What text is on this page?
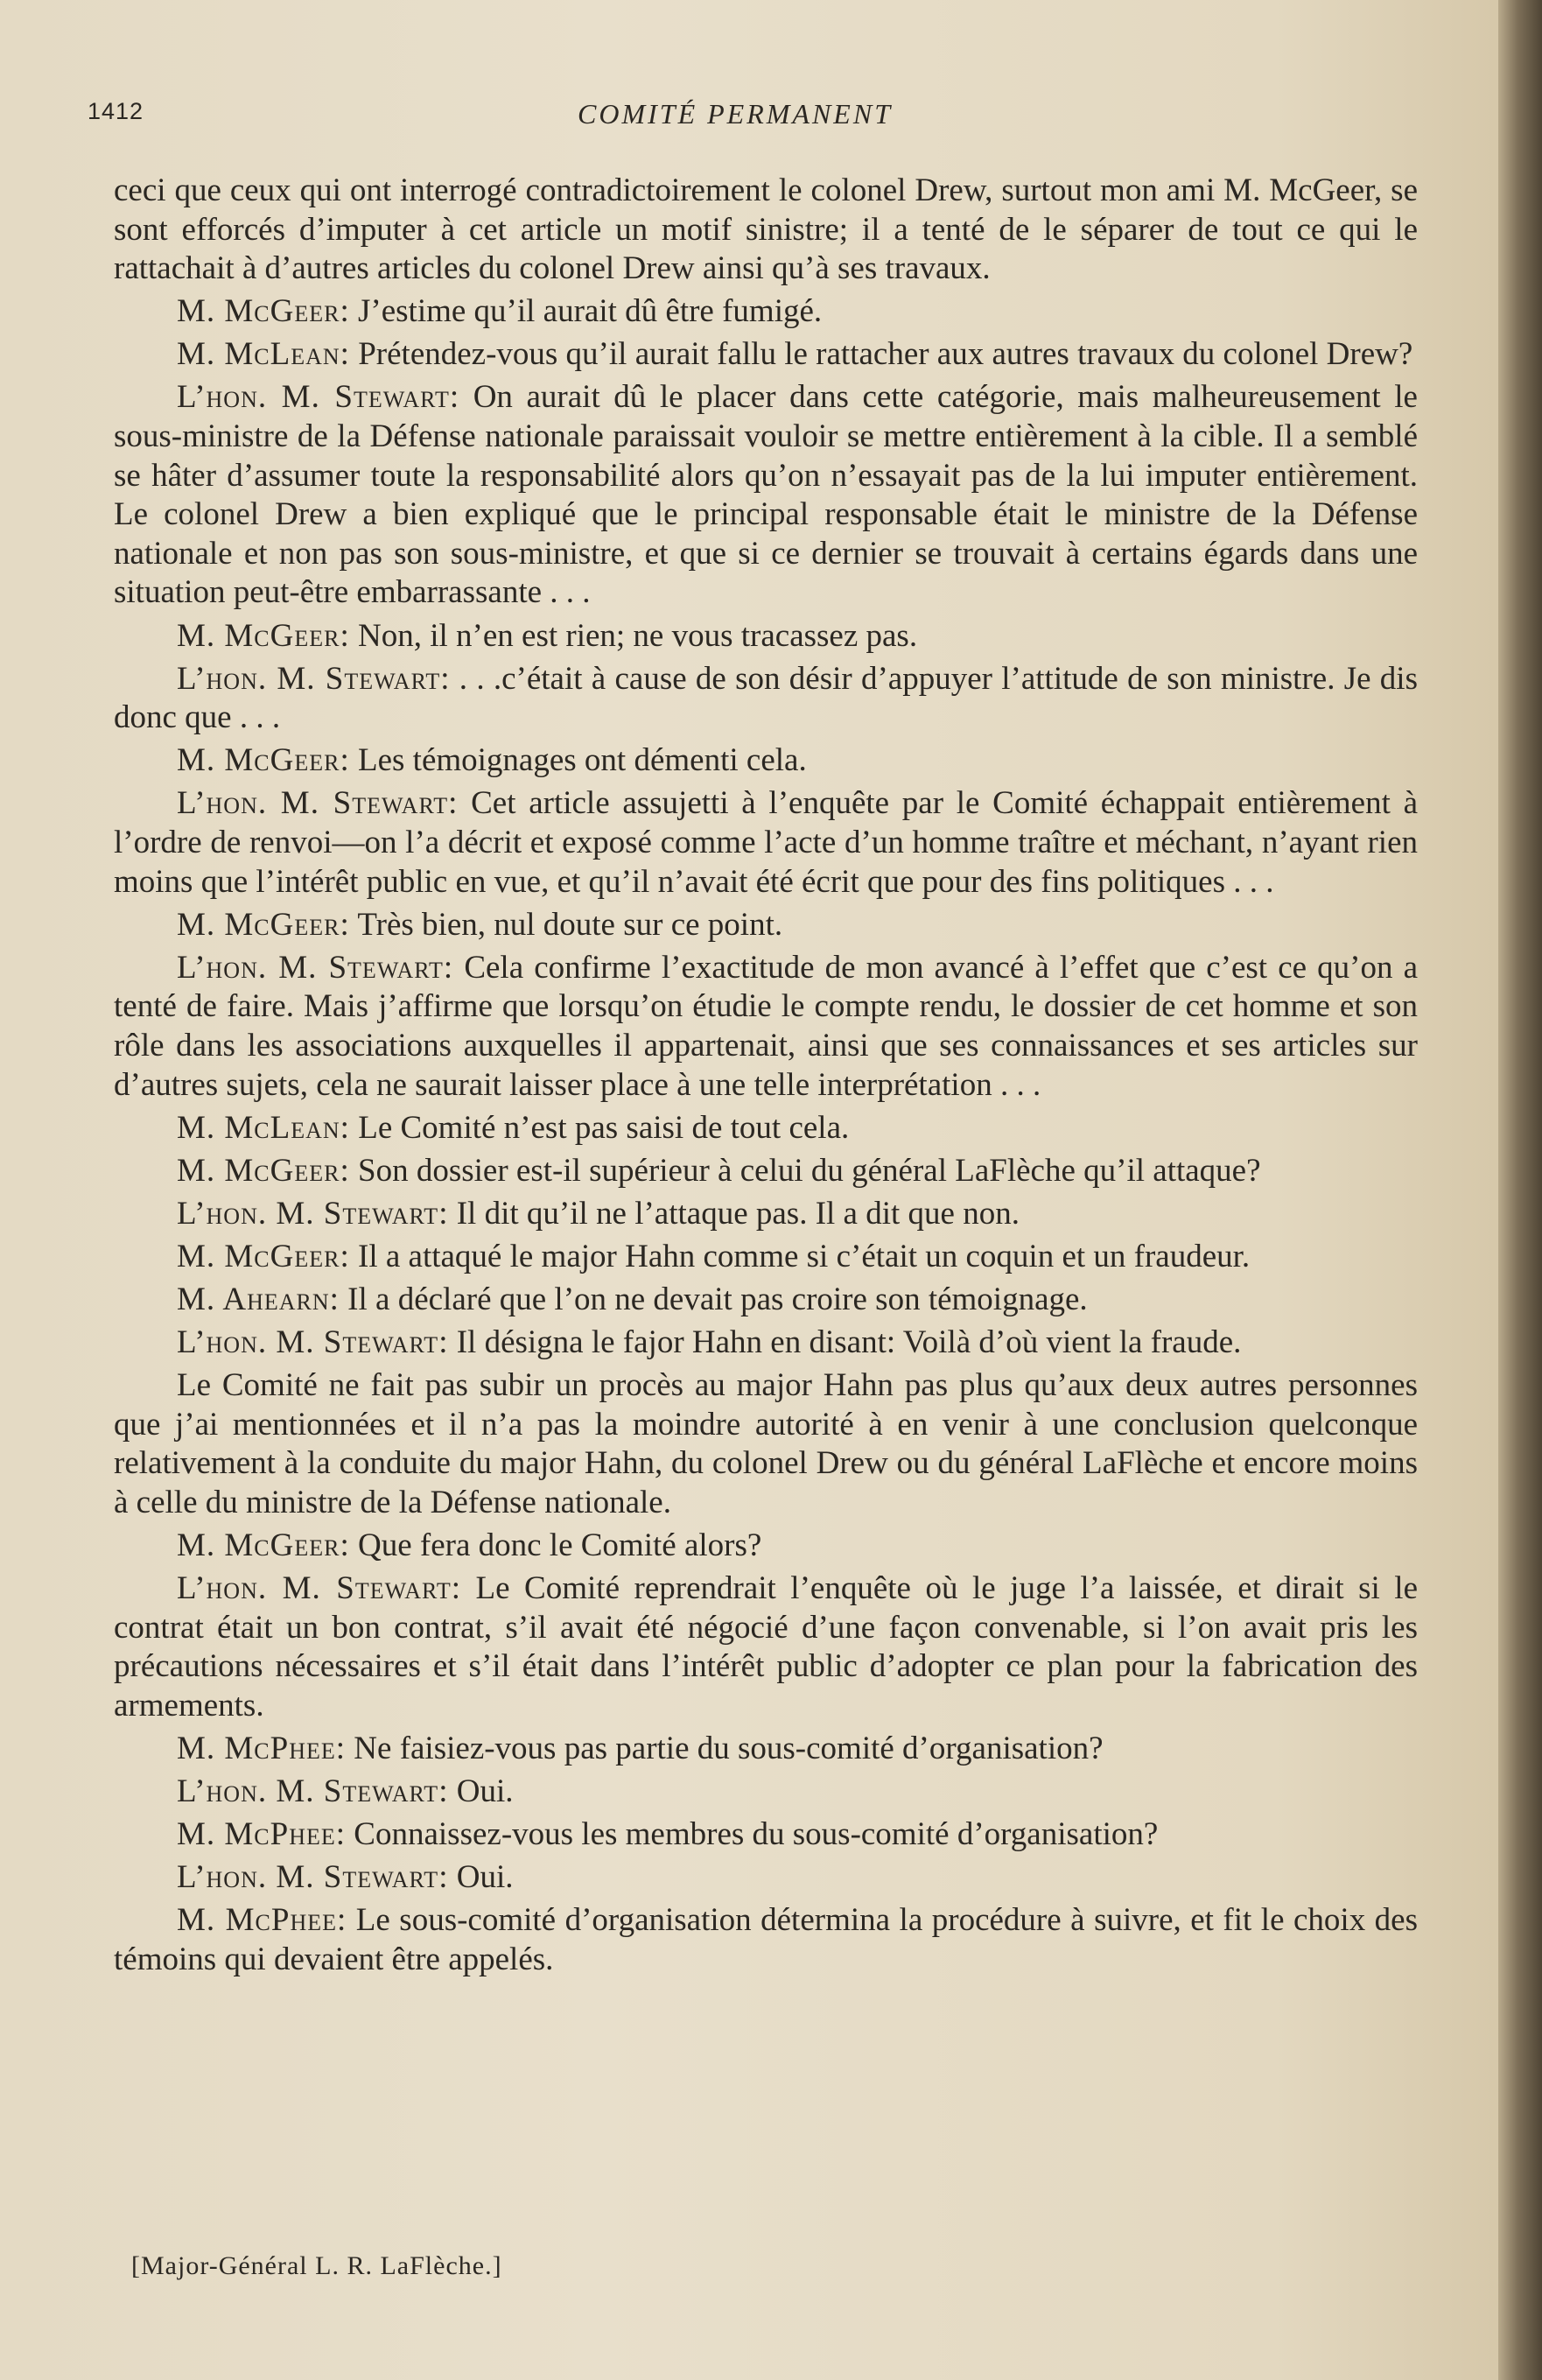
1412	COMITÉ PERMANENT

ceci que ceux qui ont interrogé contradictoirement le colonel Drew, surtout mon ami M. McGeer, se sont efforcés d’imputer à cet article un motif sinistre; il a tenté de le séparer de tout ce qui le rattachait à d’autres articles du colonel Drew ainsi qu’à ses travaux.

M. McGeer: J’estime qu’il aurait dû être fumigé.

M. McLean: Prétendez-vous qu’il aurait fallu le rattacher aux autres travaux du colonel Drew?

L’hon. M. Stewart: On aurait dû le placer dans cette catégorie, mais malheureusement le sous-ministre de la Défense nationale paraissait vouloir se mettre entièrement à la cible. Il a semblé se hâter d’assumer toute la responsabilité alors qu’on n’essayait pas de la lui imputer entièrement. Le colonel Drew a bien expliqué que le principal responsable était le ministre de la Défense nationale et non pas son sous-ministre, et que si ce dernier se trouvait à certains égards dans une situation peut-être embarrassante . . .

M. McGeer: Non, il n’en est rien; ne vous tracassez pas.

L’hon. M. Stewart: . . .c’était à cause de son désir d’appuyer l’attitude de son ministre. Je dis donc que . . .

M. McGeer: Les témoignages ont démenti cela.

L’hon. M. Stewart: Cet article assujetti à l’enquête par le Comité échappait entièrement à l’ordre de renvoi—on l’a décrit et exposé comme l’acte d’un homme traître et méchant, n’ayant rien moins que l’intérêt public en vue, et qu’il n’avait été écrit que pour des fins politiques . . .

M. McGeer: Très bien, nul doute sur ce point.

L’hon. M. Stewart: Cela confirme l’exactitude de mon avancé à l’effet que c’est ce qu’on a tenté de faire. Mais j’affirme que lorsqu’on étudie le compte rendu, le dossier de cet homme et son rôle dans les associations auxquelles il appartenait, ainsi que ses connaissances et ses articles sur d’autres sujets, cela ne saurait laisser place à une telle interprétation . . .

M. McLean: Le Comité n’est pas saisi de tout cela.

M. McGeer: Son dossier est-il supérieur à celui du général LaFlèche qu’il attaque?

L’hon. M. Stewart: Il dit qu’il ne l’attaque pas. Il a dit que non.

M. McGeer: Il a attaqué le major Hahn comme si c’était un coquin et un fraudeur.

M. Ahearn: Il a déclaré que l’on ne devait pas croire son témoignage.

L’hon. M. Stewart: Il désigna le fajor Hahn en disant: Voilà d’où vient la fraude.

Le Comité ne fait pas subir un procès au major Hahn pas plus qu’aux deux autres personnes que j’ai mentionnées et il n’a pas la moindre autorité à en venir à une conclusion quelconque relativement à la conduite du major Hahn, du colonel Drew ou du général LaFlèche et encore moins à celle du ministre de la Défense nationale.

M. McGeer: Que fera donc le Comité alors?

L’hon. M. Stewart: Le Comité reprendrait l’enquête où le juge l’a laissée, et dirait si le contrat était un bon contrat, s’il avait été négocié d’une façon convenable, si l’on avait pris les précautions nécessaires et s’il était dans l’intérêt public d’adopter ce plan pour la fabrication des armements.

M. McPhee: Ne faisiez-vous pas partie du sous-comité d’organisation?

L’hon. M. Stewart: Oui.

M. McPhee: Connaissez-vous les membres du sous-comité d’organisation?

L’hon. M. Stewart: Oui.

M. McPhee: Le sous-comité d’organisation détermina la procédure à suivre, et fit le choix des témoins qui devaient être appelés.

[Major-Général L. R. LaFlèche.]
